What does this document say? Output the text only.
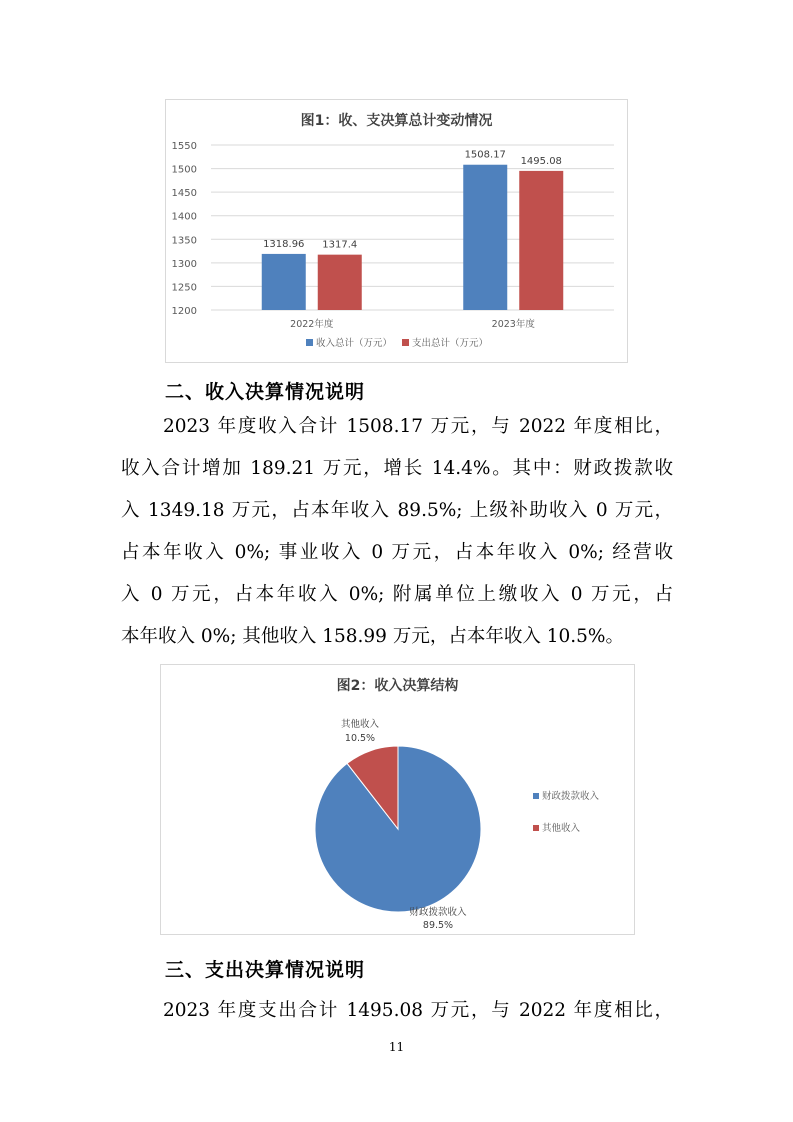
图1：收、支决算总计变动情况
1200
1250
1300
1350
1400
1450
1500
1550
1318.96 1317.4
2022年度
1508.17
1495.08
2023年度
收入总计（万元） 支出总计（万元）
二、收入决算情况说明
2023 年度收入合计 1508.17 万元，与 2022 年度相比，
收入合计增加 189.21 万元，增长 14.4%。其中：财政拨款收
入 1349.18 万元，占本年收入 89.5%; 上级补助收入 0 万元，
占本年收入 0%; 事业收入 0 万元，占本年收入 0%; 经营收
入 0 万元，占本年收入 0%; 附属单位上缴收入 0 万元，占
本年收入 0%; 其他收入 158.99 万元，占本年收入 10.5%。
图2：收入决算结构
财政拨款收入
89.5%
其他收入
10.5%
财政拨款收入
其他收入
三、支出决算情况说明
2023 年度支出合计 1495.08 万元，与 2022 年度相比，
11
